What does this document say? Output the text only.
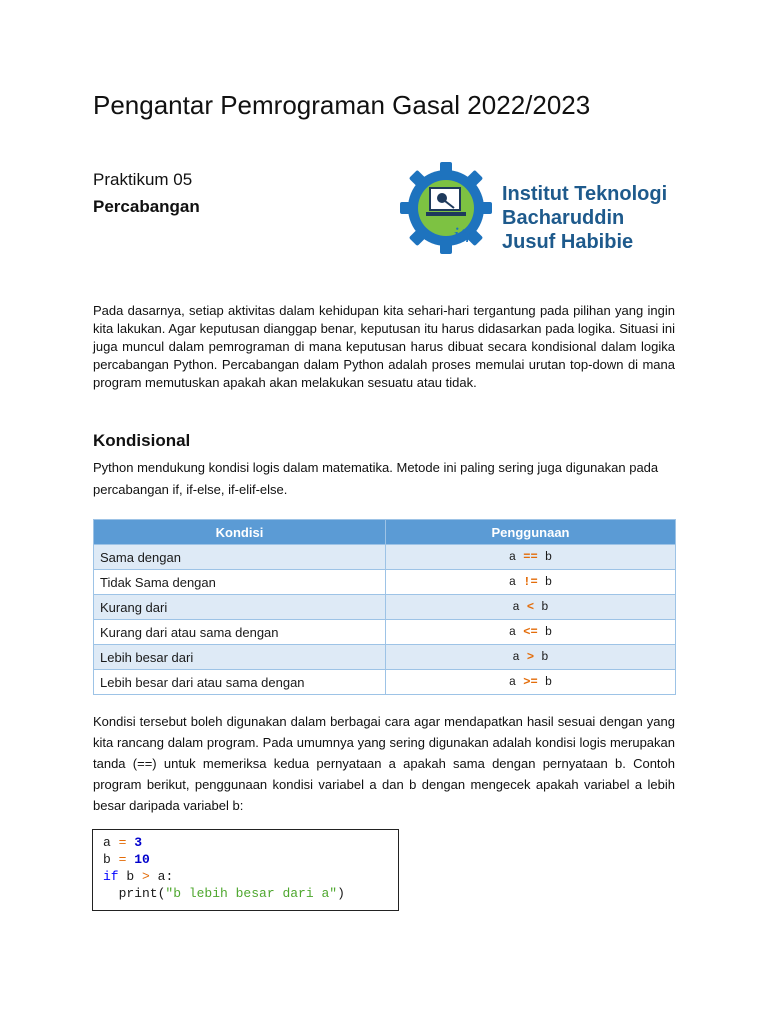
Pengantar Pemrograman Gasal 2022/2023
Praktikum 05
Percabangan
ith
Institut Teknologi
Bacharuddin
Jusuf Habibie
Pada dasarnya, setiap aktivitas dalam kehidupan kita sehari-hari tergantung pada pilihan yang ingin kita lakukan. Agar keputusan dianggap benar, keputusan itu harus didasarkan pada logika. Situasi ini juga muncul dalam pemrograman di mana keputusan harus dibuat secara kondisional dalam logika percabangan Python. Percabangan dalam Python adalah proses memulai urutan top-down di mana program memutuskan apakah akan melakukan sesuatu atau tidak.
Kondisional
Python mendukung kondisi logis dalam matematika. Metode ini paling sering juga digunakan pada percabangan if, if-else, if-elif-else.
Kondisi	Penggunaan
Sama dengan	a == b
Tidak Sama dengan	a != b
Kurang dari	a < b
Kurang dari atau sama dengan	a <= b
Lebih besar dari	a > b
Lebih besar dari atau sama dengan	a >= b
Kondisi tersebut boleh digunakan dalam berbagai cara agar mendapatkan hasil sesuai dengan yang kita rancang dalam program. Pada umumnya yang sering digunakan adalah kondisi logis merupakan tanda (==) untuk memeriksa kedua pernyataan a apakah sama dengan pernyataan b. Contoh program berikut, penggunaan kondisi variabel a dan b dengan mengecek apakah variabel a lebih besar daripada variabel b:
a = 3
b = 10
if b > a:
print("b lebih besar dari a")
